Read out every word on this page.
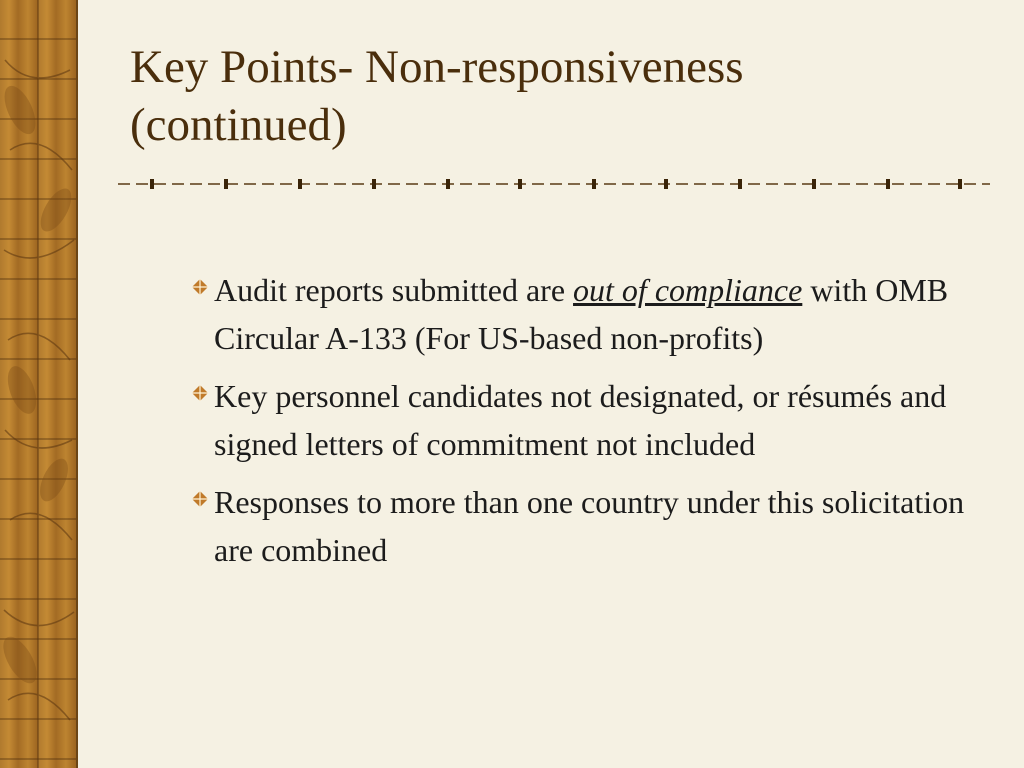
Key Points- Non-responsiveness
(continued)
Audit reports submitted are out of compliance with OMB Circular A-133 (For US-based non-profits)
Key personnel candidates not designated, or résumés and signed letters of commitment not included
Responses to more than one country under this solicitation are combined
